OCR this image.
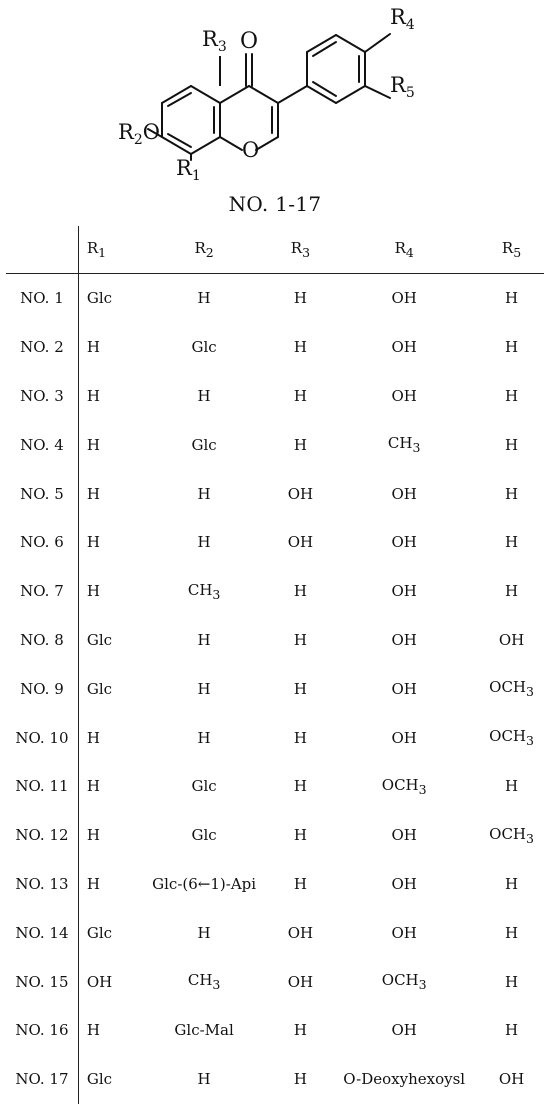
$R_3$ O
$R_4$
$R_5$
O
$R_2O$
$R_1$
NO. 1-17
	$R_1$	$R_2$	$R_3$	$R_4$	$R_5$
NO. 1	Glc	H	H	OH	H
NO. 2	H	Glc	H	OH	H
NO. 3	H	H	H	OH	H
NO. 4	H	Glc	H	$CH_3$	H
NO. 5	H	H	OH	OH	H
NO. 6	H	H	OH	OH	H
NO. 7	H	$CH_3$	H	OH	H
NO. 8	Glc	H	H	OH	OH
NO. 9	Glc	H	H	OH	$OCH_3$
NO. 10	H	H	H	OH	$OCH_3$
NO. 11	H	Glc	H	$OCH_3$	H
NO. 12	H	Glc	H	OH	$OCH_3$
NO. 13	H	Glc-(6←1)-Api	H	OH	H
NO. 14	Glc	H	OH	OH	H
NO. 15	OH	$CH_3$	OH	$OCH_3$	H
NO. 16	H	Glc-Mal	H	OH	H
NO. 17	Glc	H	H	O-Deoxyhexoysl	OH
